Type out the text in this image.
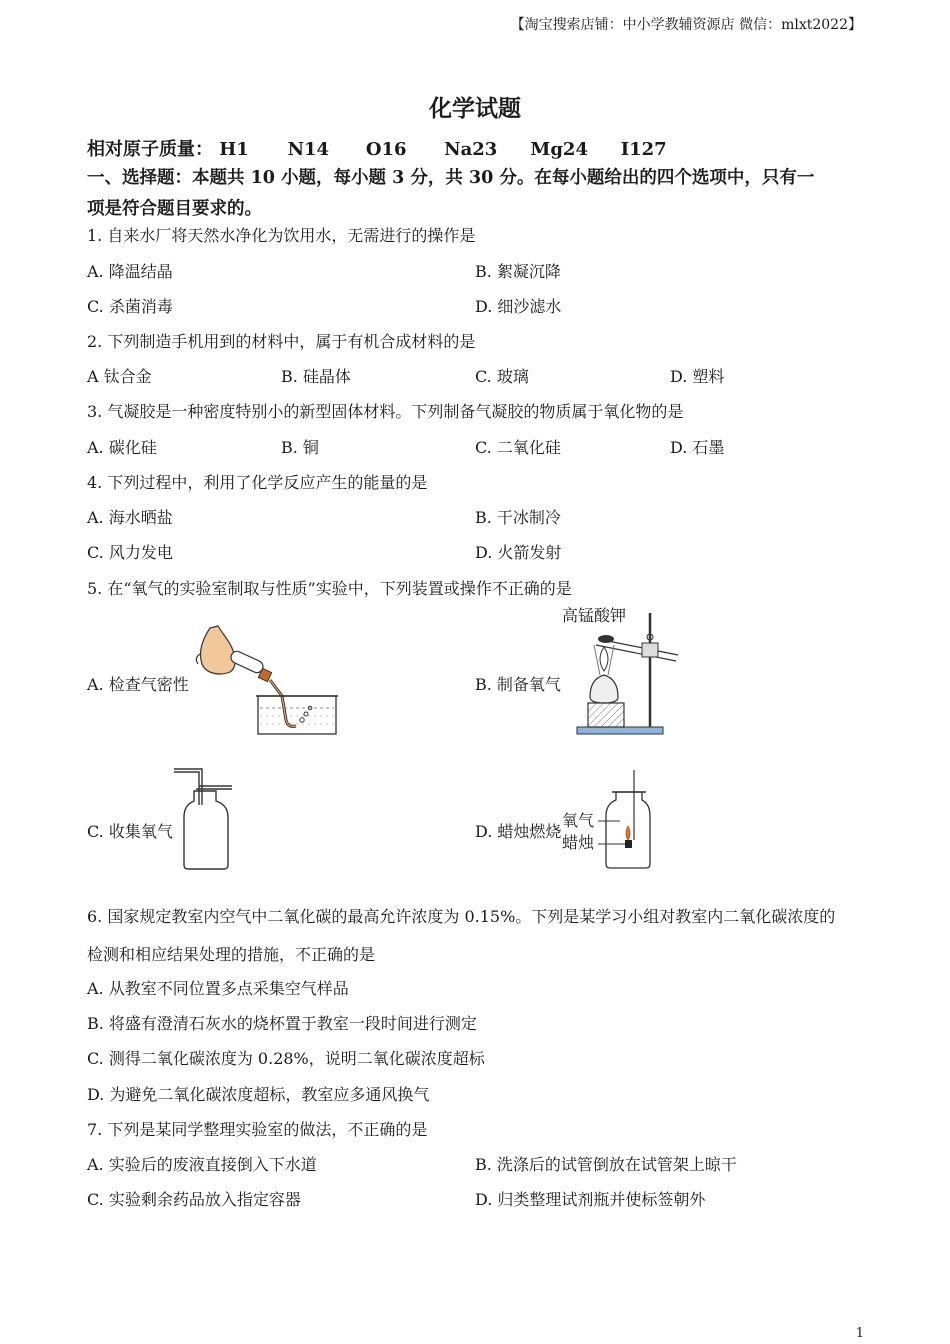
【淘宝搜索店铺：中小学教辅资源店 微信：mlxt2022】
化学试题
相对原子质量： H1 N14 O16 Na23 Mg24 I127
一、选择题：本题共 10 小题，每小题 3 分，共 30 分。在每小题给出的四个选项中，只有一
项是符合题目要求的。
1. 自来水厂将天然水净化为饮用水，无需进行的操作是
A. 降温结晶	B. 絮凝沉降
C. 杀菌消毒	D. 细沙滤水
2. 下列制造手机用到的材料中，属于有机合成材料的是
A 钛合金	B. 硅晶体	C. 玻璃	D. 塑料
3. 气凝胶是一种密度特别小的新型固体材料。下列制备气凝胶的物质属于氧化物的是
A. 碳化硅	B. 铜	C. 二氧化硅	D. 石墨
4. 下列过程中，利用了化学反应产生的能量的是
A. 海水晒盐	B. 干冰制冷
C. 风力发电	D. 火箭发射
5. 在“氧气的实验室制取与性质”实验中，下列装置或操作不正确的是
A. 检查气密性	B. 制备氧气
C. 收集氧气	D. 蜡烛燃烧
高锰酸钾
氧气
蜡烛
6. 国家规定教室内空气中二氧化碳的最高允许浓度为 0.15%。下列是某学习小组对教室内二氧化碳浓度的
检测和相应结果处理的措施，不正确的是
A. 从教室不同位置多点采集空气样品
B. 将盛有澄清石灰水的烧杯置于教室一段时间进行测定
C. 测得二氧化碳浓度为 0.28%，说明二氧化碳浓度超标
D. 为避免二氧化碳浓度超标，教室应多通风换气
7. 下列是某同学整理实验室的做法，不正确的是
A. 实验后的废液直接倒入下水道	B. 洗涤后的试管倒放在试管架上晾干
C. 实验剩余药品放入指定容器	D. 归类整理试剂瓶并使标签朝外
1
